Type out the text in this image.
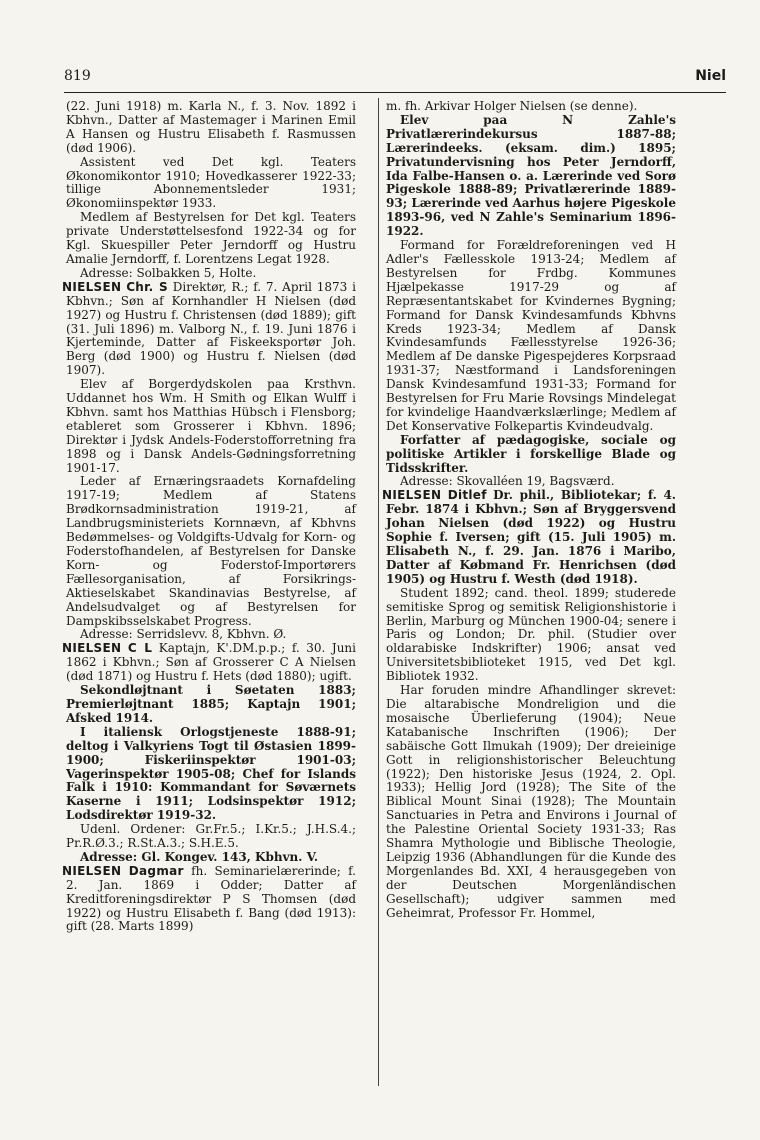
819	Niel

(22. Juni 1918) m. Karla N., f. 3. Nov. 1892 i Kbhvn., Datter af Mastemager i Marinen Emil A Hansen og Hustru Elisabeth f. Rasmussen (død 1906).

Assistent ved Det kgl. Teaters Økonomikontor 1910; Hovedkasserer 1922-33; tillige Abonnementsleder 1931; Økonomiinspektør 1933.

Medlem af Bestyrelsen for Det kgl. Teaters private Understøttelsesfond 1922-34 og for Kgl. Skuespiller Peter Jerndorff og Hustru Amalie Jerndorff, f. Lorentzens Legat 1928.

Adresse: Solbakken 5, Holte.

NIELSEN Chr. S Direktør, R.; f. 7. April 1873 i Kbhvn.; Søn af Kornhandler H Nielsen (død 1927) og Hustru f. Christensen (død 1889); gift (31. Juli 1896) m. Valborg N., f. 19. Juni 1876 i Kjerteminde, Datter af Fiskeeksportør Joh. Berg (død 1900) og Hustru f. Nielsen (død 1907).

Elev af Borgerdydskolen paa Krsthvn. Uddannet hos Wm. H Smith og Elkan Wulff i Kbhvn. samt hos Matthias Hübsch i Flensborg; etableret som Grosserer i Kbhvn. 1896; Direktør i Jydsk Andels-Foderstofforretning fra 1898 og i Dansk Andels-Gødningsforretning 1901-17.

Leder af Ernæringsraadets Kornafdeling 1917-19; Medlem af Statens Brødkornsadministration 1919-21, af Landbrugsministeriets Kornnævn, af Kbhvns Bedømmelses- og Voldgifts-Udvalg for Korn- og Foderstofhandelen, af Bestyrelsen for Danske Korn- og Foderstof-Importørers Fællesorganisation, af Forsikrings-Aktieselskabet Skandinavias Bestyrelse, af Andelsudvalget og af Bestyrelsen for Dampskibsselskabet Progress.

Adresse: Serridslevv. 8, Kbhvn. Ø.

NIELSEN C L Kaptajn, K'.DM.p.p.; f. 30. Juni 1862 i Kbhvn.; Søn af Grosserer C A Nielsen (død 1871) og Hustru f. Hets (død 1880); ugift.

Sekondløjtnant i Søetaten 1883; Premierløjtnant 1885; Kaptajn 1901; Afsked 1914.

I italiensk Orlogstjeneste 1888-91; deltog i Valkyriens Togt til Østasien 1899-1900; Fiskeriinspektør 1901-03; Vagerinspektør 1905-08; Chef for Islands Falk i 1910: Kommandant for Søværnets Kaserne i 1911; Lodsinspektør 1912; Lodsdirektør 1919-32.

Udenl. Ordener: Gr.Fr.5.; I.Kr.5.; J.H.S.4.; Pr.R.Ø.3.; R.St.A.3.; S.H.E.5.

Adresse: Gl. Kongev. 143, Kbhvn. V.

NIELSEN Dagmar fh. Seminarielærerinde; f. 2. Jan. 1869 i Odder; Datter af Kreditforeningsdirektør P S Thomsen (død 1922) og Hustru Elisabeth f. Bang (død 1913): gift (28. Marts 1899)

m. fh. Arkivar Holger Nielsen (se denne).

Elev paa N Zahle's Privatlærerindekursus 1887-88; Lærerindeeks. (eksam. dim.) 1895; Privatundervisning hos Peter Jerndorff, Ida Falbe-Hansen o. a. Lærerinde ved Sorø Pigeskole 1888-89; Privatlærerinde 1889-93; Lærerinde ved Aarhus højere Pigeskole 1893-96, ved N Zahle's Seminarium 1896-1922.

Formand for Forældreforeningen ved H Adler's Fællesskole 1913-24; Medlem af Bestyrelsen for Frdbg. Kommunes Hjælpekasse 1917-29 og af Repræsentantskabet for Kvindernes Bygning; Formand for Dansk Kvindesamfunds Kbhvns Kreds 1923-34; Medlem af Dansk Kvindesamfunds Fællesstyrelse 1926-36; Medlem af De danske Pigespejderes Korpsraad 1931-37; Næstformand i Landsforeningen Dansk Kvindesamfund 1931-33; Formand for Bestyrelsen for Fru Marie Rovsings Mindelegat for kvindelige Haandværkslærlinge; Medlem af Det Konservative Folkepartis Kvindeudvalg.

Forfatter af pædagogiske, sociale og politiske Artikler i forskellige Blade og Tidsskrifter.

Adresse: Skovalléen 19, Bagsværd.

NIELSEN Ditlef Dr. phil., Bibliotekar; f. 4. Febr. 1874 i Kbhvn.; Søn af Bryggersvend Johan Nielsen (død 1922) og Hustru Sophie f. Iversen; gift (15. Juli 1905) m. Elisabeth N., f. 29. Jan. 1876 i Maribo, Datter af Købmand Fr. Henrichsen (død 1905) og Hustru f. Westh (død 1918).

Student 1892; cand. theol. 1899; studerede semitiske Sprog og semitisk Religionshistorie i Berlin, Marburg og München 1900-04; senere i Paris og London; Dr. phil. (Studier over oldarabiske Indskrifter) 1906; ansat ved Universitetsbiblioteket 1915, ved Det kgl. Bibliotek 1932.

Har foruden mindre Afhandlinger skrevet: Die altarabische Mondreligion und die mosaische Überlieferung (1904); Neue Katabanische Inschriften (1906); Der sabäische Gott Ilmukah (1909); Der dreieinige Gott in religionshistorischer Beleuchtung (1922); Den historiske Jesus (1924, 2. Opl. 1933); Hellig Jord (1928); The Site of the Biblical Mount Sinai (1928); The Mountain Sanctuaries in Petra and Environs i Journal of the Palestine Oriental Society 1931-33; Ras Shamra Mythologie und Biblische Theologie, Leipzig 1936 (Abhandlungen für die Kunde des Morgenlandes Bd. XXI, 4 herausgegeben von der Deutschen Morgenländischen Gesellschaft); udgiver sammen med Geheimrat, Professor Fr. Hommel,
